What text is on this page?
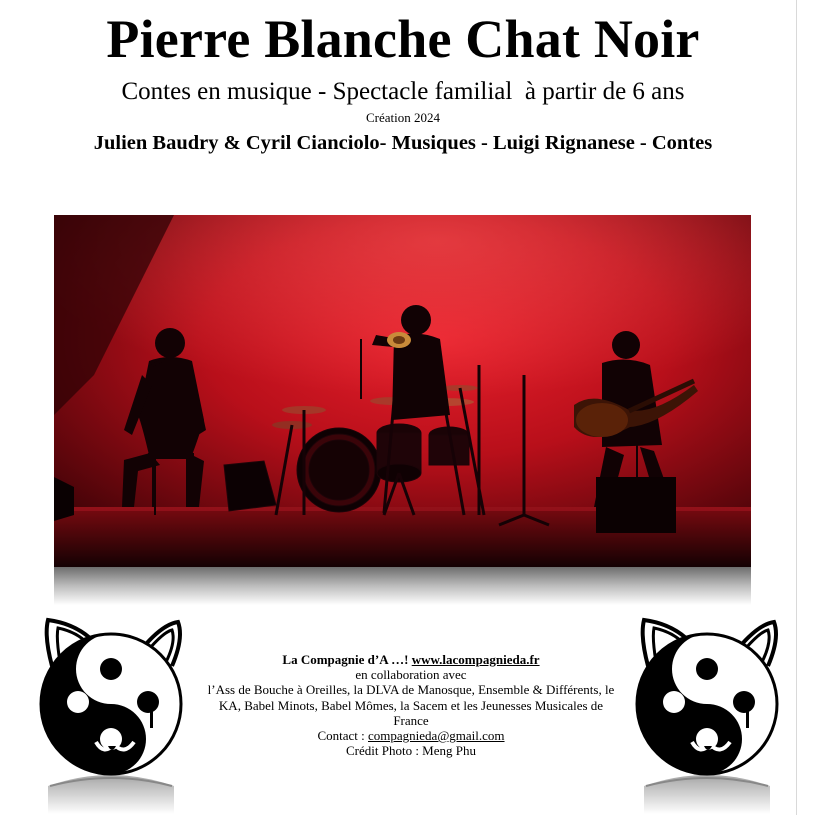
Pierre Blanche Chat Noir
Contes en musique - Spectacle familial  à partir de 6 ans
Création 2024
Julien Baudry & Cyril Cianciolo- Musiques - Luigi Rignanese - Contes
La Compagnie d’A …! www.lacompagnieda.fr
en collaboration avec
l’Ass de Bouche à Oreilles, la DLVA de Manosque, Ensemble & Différents, le KA, Babel Minots, Babel Mômes, la Sacem et les Jeunesses Musicales de France
Contact : compagnieda@gmail.com
Crédit Photo : Meng Phu
